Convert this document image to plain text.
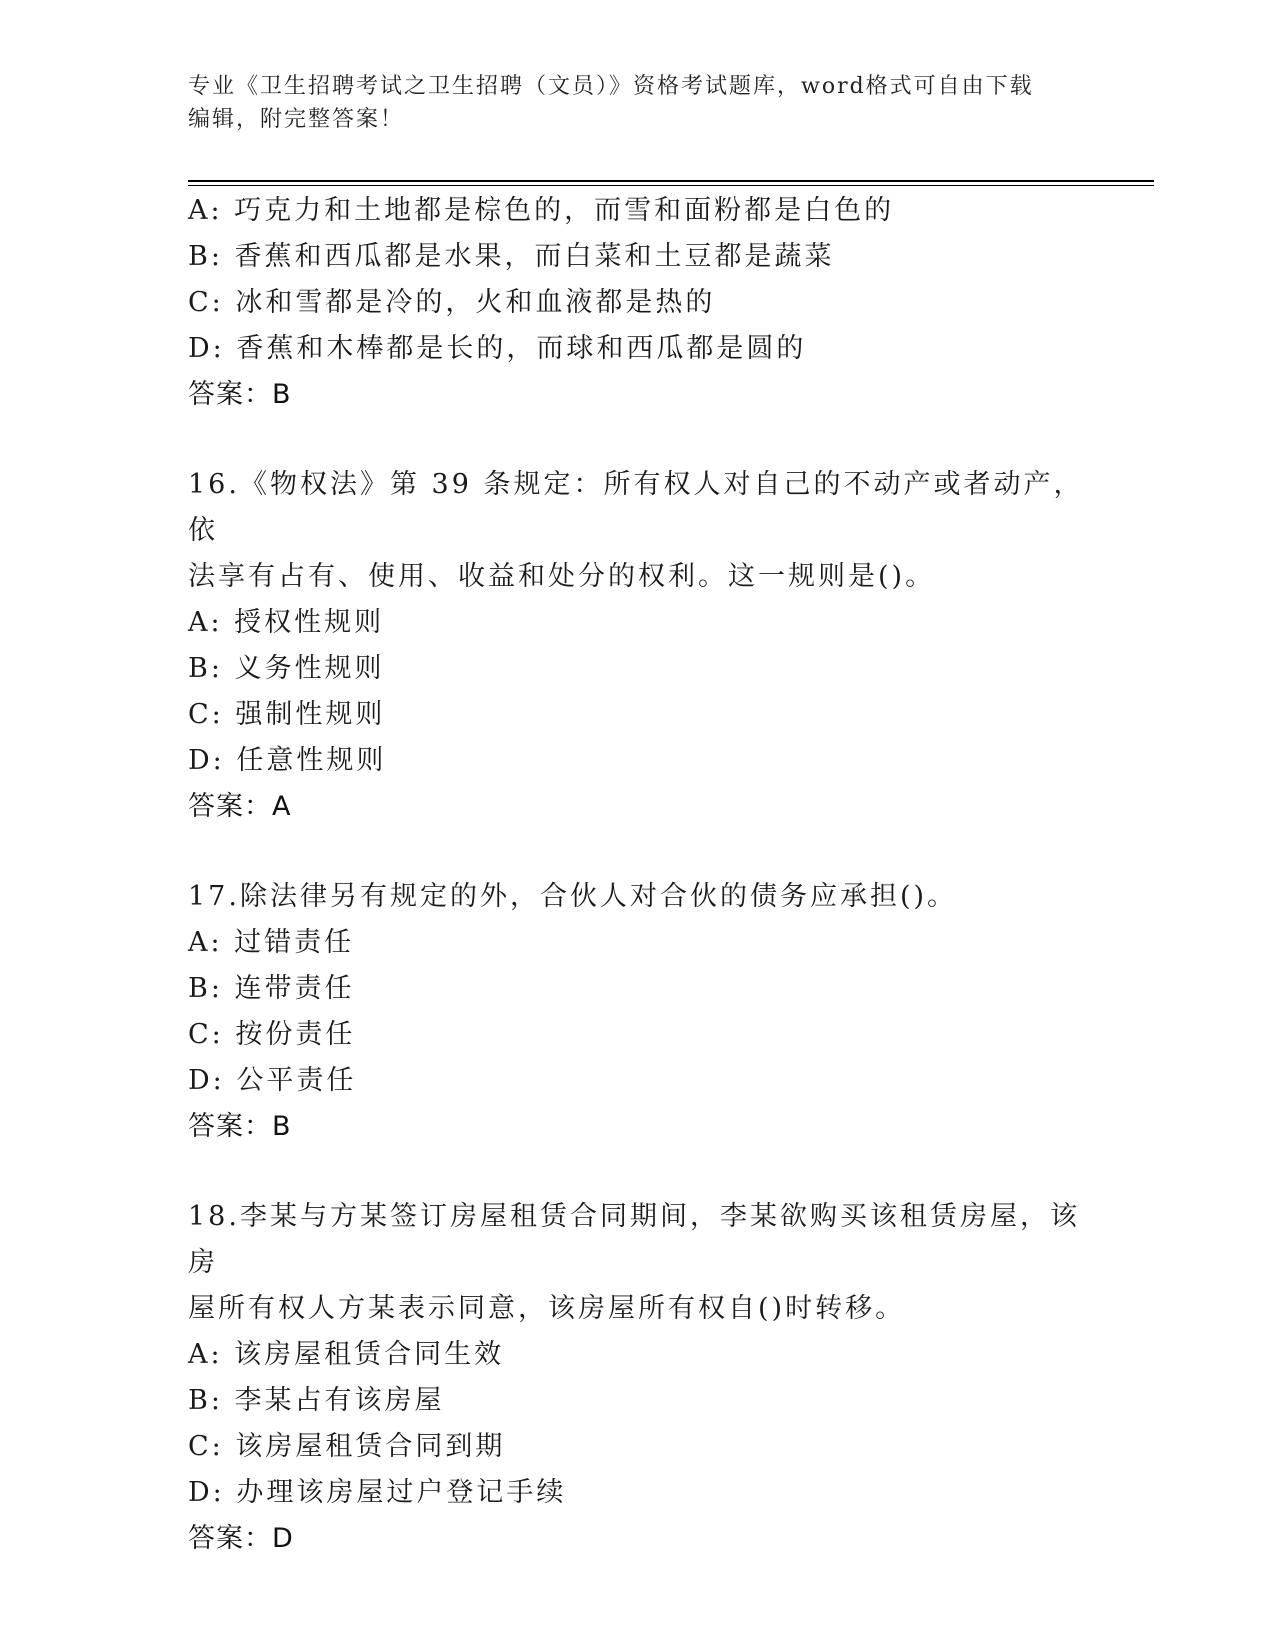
专业《卫生招聘考试之卫生招聘（文员）》资格考试题库，word格式可自由下载
编辑，附完整答案！
A: 巧克力和土地都是棕色的，而雪和面粉都是白色的
B: 香蕉和西瓜都是水果，而白菜和土豆都是蔬菜
C: 冰和雪都是冷的，火和血液都是热的
D: 香蕉和木棒都是长的，而球和西瓜都是圆的
答案：B
16.《物权法》第 39 条规定：所有权人对自己的不动产或者动产，依
法享有占有、使用、收益和处分的权利。这一规则是()。
A: 授权性规则
B: 义务性规则
C: 强制性规则
D: 任意性规则
答案：A
17.除法律另有规定的外，合伙人对合伙的债务应承担()。
A: 过错责任
B: 连带责任
C: 按份责任
D: 公平责任
答案：B
18.李某与方某签订房屋租赁合同期间，李某欲购买该租赁房屋，该房
屋所有权人方某表示同意，该房屋所有权自()时转移。
A: 该房屋租赁合同生效
B: 李某占有该房屋
C: 该房屋租赁合同到期
D: 办理该房屋过户登记手续
答案：D
